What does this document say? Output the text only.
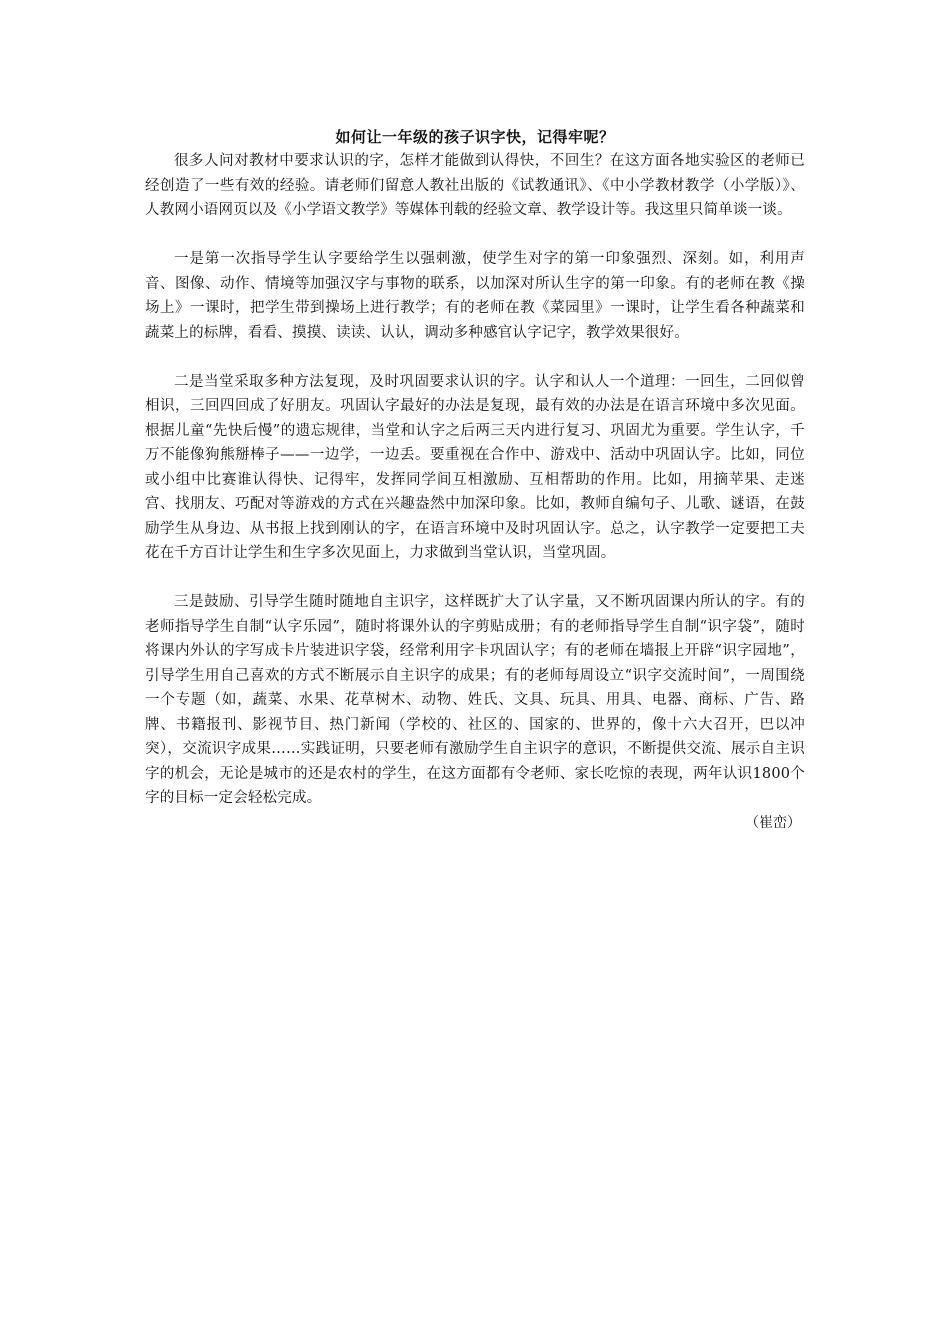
如何让一年级的孩子识字快，记得牢呢？

很多人问对教材中要求认识的字，怎样才能做到认得快，不回生？在这方面各地实验区的老师已经创造了一些有效的经验。请老师们留意人教社出版的《试教通讯》、《中小学教材教学（小学版）》、人教网小语网页以及《小学语文教学》等媒体刊载的经验文章、教学设计等。我这里只简单谈一谈。

一是第一次指导学生认字要给学生以强刺激，使学生对字的第一印象强烈、深刻。如，利用声音、图像、动作、情境等加强汉字与事物的联系，以加深对所认生字的第一印象。有的老师在教《操场上》一课时，把学生带到操场上进行教学；有的老师在教《菜园里》一课时，让学生看各种蔬菜和蔬菜上的标牌，看看、摸摸、读读、认认，调动多种感官认字记字，教学效果很好。

二是当堂采取多种方法复现，及时巩固要求认识的字。认字和认人一个道理：一回生，二回似曾相识，三回四回成了好朋友。巩固认字最好的办法是复现，最有效的办法是在语言环境中多次见面。根据儿童“先快后慢”的遗忘规律，当堂和认字之后两三天内进行复习、巩固尤为重要。学生认字，千万不能像狗熊掰棒子——一边学，一边丢。要重视在合作中、游戏中、活动中巩固认字。比如，同位或小组中比赛谁认得快、记得牢，发挥同学间互相激励、互相帮助的作用。比如，用摘苹果、走迷宫、找朋友、巧配对等游戏的方式在兴趣盎然中加深印象。比如，教师自编句子、儿歌、谜语，在鼓励学生从身边、从书报上找到刚认的字，在语言环境中及时巩固认字。总之，认字教学一定要把工夫花在千方百计让学生和生字多次见面上，力求做到当堂认识，当堂巩固。

三是鼓励、引导学生随时随地自主识字，这样既扩大了认字量，又不断巩固课内所认的字。有的老师指导学生自制“认字乐园”，随时将课外认的字剪贴成册；有的老师指导学生自制“识字袋”，随时将课内外认的字写成卡片装进识字袋，经常利用字卡巩固认字；有的老师在墙报上开辟“识字园地”，引导学生用自己喜欢的方式不断展示自主识字的成果；有的老师每周设立“识字交流时间”，一周围绕一个专题（如，蔬菜、水果、花草树木、动物、姓氏、文具、玩具、用具、电器、商标、广告、路牌、书籍报刊、影视节目、热门新闻（学校的、社区的、国家的、世界的，像十六大召开，巴以冲突），交流识字成果……实践证明，只要老师有激励学生自主识字的意识，不断提供交流、展示自主识字的机会，无论是城市的还是农村的学生，在这方面都有令老师、家长吃惊的表现，两年认识1800个字的目标一定会轻松完成。

（崔峦）
